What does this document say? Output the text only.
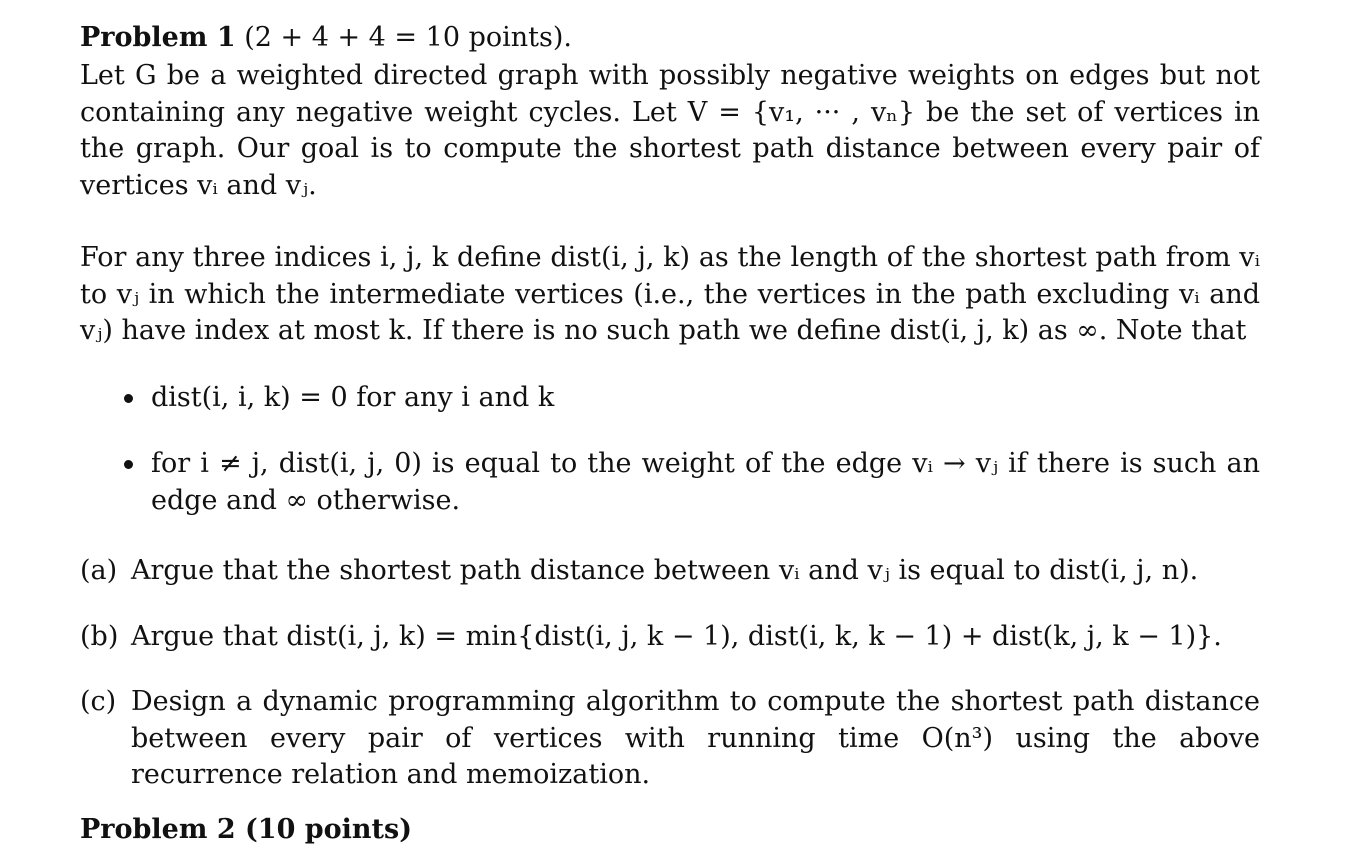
Problem 1 (2 + 4 + 4 = 10 points).

Let G be a weighted directed graph with possibly negative weights on edges but not containing any negative weight cycles. Let V = {v₁, ··· , vₙ} be the set of vertices in the graph. Our goal is to compute the shortest path distance between every pair of vertices vᵢ and vⱼ.

For any three indices i, j, k define dist(i, j, k) as the length of the shortest path from vᵢ to vⱼ in which the intermediate vertices (i.e., the vertices in the path excluding vᵢ and vⱼ) have index at most k. If there is no such path we define dist(i, j, k) as ∞. Note that

dist(i, i, k) = 0 for any i and k
for i ≠ j, dist(i, j, 0) is equal to the weight of the edge vᵢ → vⱼ if there is such an edge and ∞ otherwise.
(a) Argue that the shortest path distance between vᵢ and vⱼ is equal to dist(i, j, n).
(b) Argue that dist(i, j, k) = min{dist(i, j, k − 1), dist(i, k, k − 1) + dist(k, j, k − 1)}.
(c) Design a dynamic programming algorithm to compute the shortest path distance between every pair of vertices with running time O(n³) using the above recurrence relation and memoization.
Problem 2 (10 points)
